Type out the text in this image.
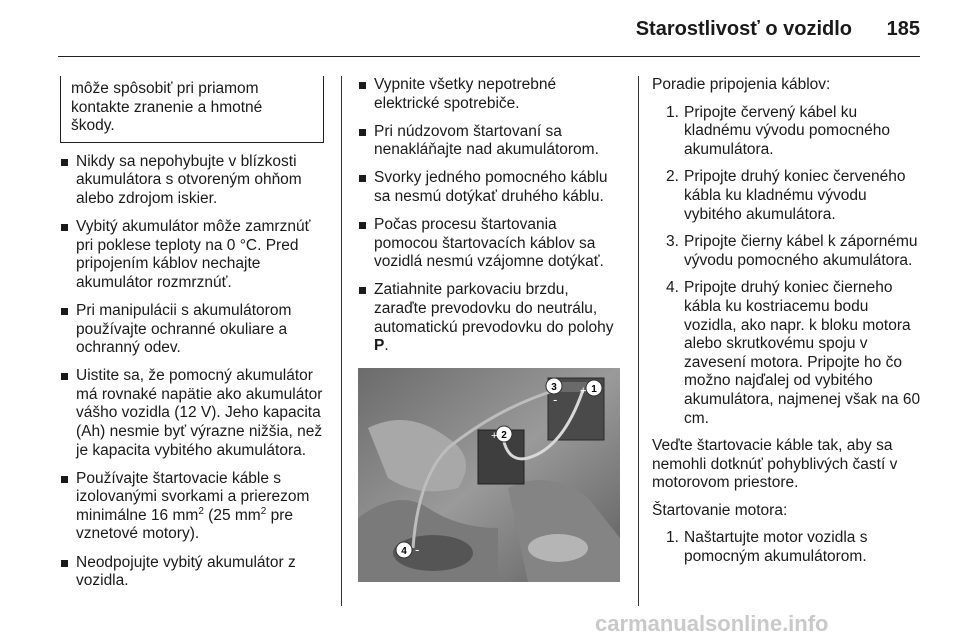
Starostlivosť o vozidlo	185
môže spôsobiť pri priamom
kontakte zranenie a hmotné
škody.
Nikdy sa nepohybujte v blízkosti akumulátora s otvoreným ohňom alebo zdrojom iskier.
Vybitý akumulátor môže zamrznúť pri poklese teploty na 0 °C. Pred pripojením káblov nechajte akumulátor rozmrznúť.
Pri manipulácii s akumulátorom používajte ochranné okuliare a ochranný odev.
Uistite sa, že pomocný akumulátor má rovnaké napätie ako akumulátor vášho vozidla (12 V). Jeho kapacita (Ah) nesmie byť výrazne nižšia, než je kapacita vybitého akumulátora.
Používajte štartovacie káble s izolovanými svorkami a prierezom minimálne 16 $mm^2$ (25 $mm^2$ pre vznetové motory).
Neodpojujte vybitý akumulátor z vozidla.
Vypnite všetky nepotrebné elektrické spotrebiče.
Pri núdzovom štartovaní sa nenakláňajte nad akumulátorom.
Svorky jedného pomocného káblu sa nesmú dotýkať druhého káblu.
Počas procesu štartovania pomocou štartovacích káblov sa vozidlá nesmú vzájomne dotýkať.
Zatiahnite parkovaciu brzdu, zaraďte prevodovku do neutrálu, automatickú prevodovku do polohy P.
1
+
2
+
3
-
4 -

Poradie pripojenia káblov:

1. Pripojte červený kábel ku kladnému vývodu pomocného akumulátora.
2. Pripojte druhý koniec červeného kábla ku kladnému vývodu vybitého akumulátora.
3. Pripojte čierny kábel k zápornému vývodu pomocného akumulátora.
4. Pripojte druhý koniec čierneho kábla ku kostriacemu bodu vozidla, ako napr. k bloku motora alebo skrutkovému spoju v zavesení motora. Pripojte ho čo možno najďalej od vybitého akumulátora, najmenej však na 60 cm.

Veďte štartovacie káble tak, aby sa nemohli dotknúť pohyblivých častí v motorovom priestore.

Štartovanie motora:

1. Naštartujte motor vozidla s pomocným akumulátorom.
carmanualsonline.info
